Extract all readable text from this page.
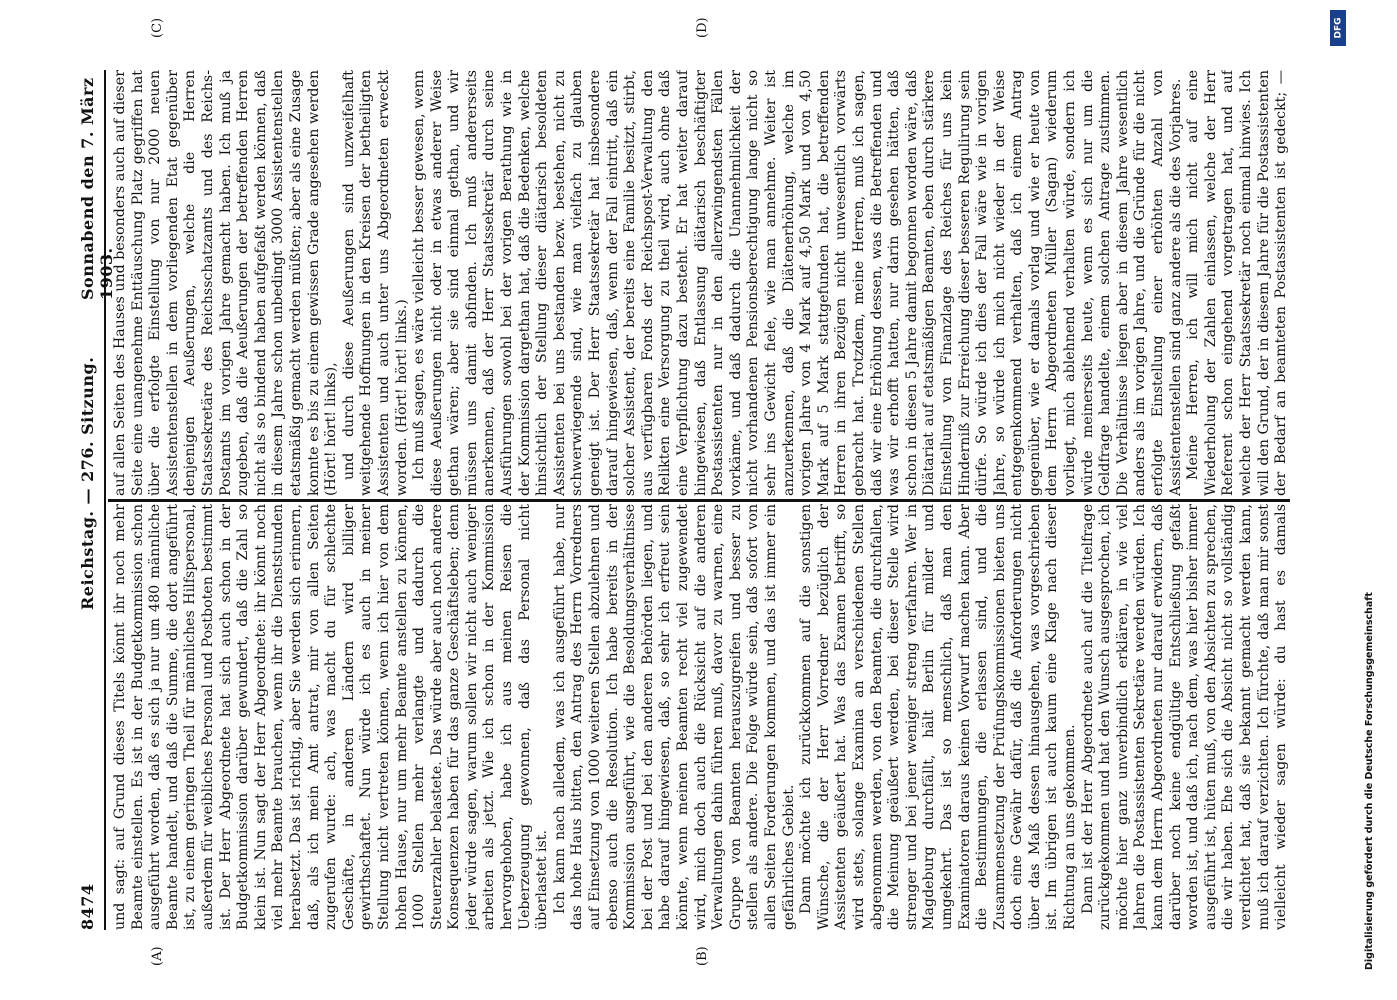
8474
Reichstag. — 276. Sitzung.
Sonnabend den 7. März 1903.
(A)	(B)
(C)	(D)

und sagt: auf Grund dieses Titels könnt ihr noch mehr Beamte einstellen. Es ist in der Budgetkommission schon ausgeführt worden, daß es sich ja nur um 480 männliche Beamte handelt, und daß die Summe, die dort angeführt ist, zu einem geringen Theil für männliches Hilfspersonal, außerdem für weibliches Personal und Postboten bestimmt ist. Der Herr Abgeordnete hat sich auch schon in der Budgetkommission darüber gewundert, daß die Zahl so klein ist. Nun sagt der Herr Abgeordnete: ihr könnt noch viel mehr Beamte brauchen, wenn ihr die Dienststunden herabsetzt. Das ist richtig, aber Sie werden sich erinnern, daß, als ich mein Amt antrat, mir von allen Seiten zugerufen wurde: ach, was macht du für schlechte Geschäfte, in anderen Ländern wird billiger gewirthschaftet. Nun würde ich es auch in meiner Stellung nicht vertreten können, wenn ich hier von dem hohen Hause, nur um mehr Beamte anstellen zu können, 1000 Stellen mehr verlangte und dadurch die Steuerzahler belastete. Das würde aber auch noch andere Konsequenzen haben für das ganze Geschäftsleben; denn jeder würde sagen, warum sollen wir nicht auch weniger arbeiten als jetzt. Wie ich schon in der Kommission hervorgehoben, habe ich aus meinen Reisen die Ueberzeugung gewonnen, daß das Personal nicht überlastet ist. Ich kann nach alledem, was ich ausgeführt habe, nur das hohe Haus bitten, den Antrag des Herrn Vorredners auf Einsetzung von 1000 weiteren Stellen abzulehnen und ebenso auch die Resolution. Ich habe bereits in der Kommission ausgeführt, wie die Besoldungsverhältnisse bei der Post und bei den anderen Behörden liegen, und habe darauf hingewiesen, daß, so sehr ich erfreut sein könnte, wenn meinen Beamten recht viel zugewendet wird, mich doch auch die Rücksicht auf die anderen Verwaltungen dahin führen muß, davor zu warnen, eine Gruppe von Beamten herauszugreifen und besser zu stellen als andere. Die Folge würde sein, daß sofort von allen Seiten Forderungen kommen, und das ist immer ein gefährliches Gebiet. Dann möchte ich zurückkommen auf die sonstigen Wünsche, die der Herr Vorredner bezüglich der Assistenten geäußert hat. Was das Examen betrifft, so wird stets, solange Examina an verschiedenen Stellen abgenommen werden, von den Beamten, die durchfallen, die Meinung geäußert werden, bei dieser Stelle wird strenger und bei jener weniger streng verfahren. Wer in Magdeburg durchfällt, hält Berlin für milder und umgekehrt. Das ist so menschlich, daß man den Examinatoren daraus keinen Vorwurf machen kann. Aber die Bestimmungen, die erlassen sind, und die Zusammensetzung der Prüfungskommissionen bieten uns doch eine Gewähr dafür, daß die Anforderungen nicht über das Maß dessen hinausgehen, was vorgeschrieben ist. Im übrigen ist auch kaum eine Klage nach dieser Richtung an uns gekommen. Dann ist der Herr Abgeordnete auch auf die Titelfrage zurückgekommen und hat den Wunsch ausgesprochen, ich möchte hier ganz unverbindlich erklären, in wie viel Jahren die Postassistenten Sekretäre werden würden. Ich kann dem Herrn Abgeordneten nur darauf erwidern, daß darüber noch keine endgültige Entschließung gefaßt worden ist, und daß ich, nach dem, was hier bisher immer ausgeführt ist, hüten muß, von den Absichten zu sprechen, die wir haben. Ehe sich die Absicht nicht so vollständig verdichtet hat, daß sie bekannt gemacht werden kann, muß ich darauf verzichten. Ich fürchte, daß man mir sonst vielleicht wieder sagen würde: du hast es damals

auf allen Seiten des Hauses und besonders auch auf dieser Seite eine unangenehme Enttäuschung Platz gegriffen hat über die erfolgte Einstellung von nur 2000 neuen Assistentenstellen in dem vorliegenden Etat gegenüber denjenigen Aeußerungen, welche die Herren Staatssekretäre des Reichsschatzamts und des Reichs-Postamts im vorigen Jahre gemacht haben. Ich muß ja zugeben, daß die Aeußerungen der betreffenden Herren nicht als so bindend haben aufgefaßt werden können, daß in diesem Jahre schon unbedingt 3000 Assistentenstellen etatsmäßig gemacht werden müßten; aber als eine Zusage konnte es bis zu einem gewissen Grade angesehen werden (Hört! hört! links), und durch diese Aeußerungen sind unzweifelhaft weitgehende Hoffnungen in den Kreisen der betheiligten Assistenten und auch unter uns Abgeordneten erweckt worden. (Hört! hört! links.) Ich muß sagen, es wäre vielleicht besser gewesen, wenn diese Aeußerungen nicht oder in etwas anderer Weise gethan wären; aber sie sind einmal gethan, und wir müssen uns damit abfinden. Ich muß andererseits anerkennen, daß der Herr Staatssekretär durch seine Ausführungen sowohl bei der vorigen Berathung wie in der Kommission dargethan hat, daß die Bedenken, welche hinsichtlich der Stellung dieser diätarisch besoldeten Assistenten bei uns bestanden bezw. bestehen, nicht zu schwerwiegende sind, wie man vielfach zu glauben geneigt ist. Der Herr Staatssekretär hat insbesondere darauf hingewiesen, daß, wenn der Fall eintritt, daß ein solcher Assistent, der bereits eine Familie besitzt, stirbt, aus verfügbaren Fonds der Reichspost-Verwaltung den Relikten eine Versorgung zu theil wird, auch ohne daß eine Verpflichtung dazu besteht. Er hat weiter darauf hingewiesen, daß Entlassung diätarisch beschäftigter Postassistenten nur in den allerzwingendsten Fällen vorkäme, und daß dadurch die Unannehmlichkeit der nicht vorhandenen Pensionsberechtigung lange nicht so sehr ins Gewicht fiele, wie man annehme. Weiter ist anzuerkennen, daß die Diätenerhöhung, welche im vorigen Jahre von 4 Mark auf 4,50 Mark und von 4,50 Mark auf 5 Mark stattgefunden hat, die betreffenden Herren in ihren Bezügen nicht unwesentlich vorwärts gebracht hat. Trotzdem, meine Herren, muß ich sagen, daß wir eine Erhöhung dessen, was die Betreffenden und was wir erhofft hatten, nur darin gesehen hätten, daß schon in diesen 5 Jahre damit begonnen worden wäre, daß Diätariat auf etatsmäßigen Beamten, eben durch stärkere Einstellung von Finanzlage des Reiches für uns kein Hinderniß zur Erreichung dieser besseren Regulirung sein dürfe. So würde ich dies der Fall wäre wie in vorigen Jahre, so würde ich mich nicht wieder in der Weise entgegenkommend verhalten, daß ich einem Antrag gegenüber, wie er damals vorlag und wie er heute von dem Herrn Abgeordneten Müller (Sagan) wiederum vorliegt, mich ablehnend verhalten würde, sondern ich würde meinerseits heute, wenn es sich nur um die Geldfrage handelte, einem solchen Antrage zustimmen. Die Verhältnisse liegen aber in diesem Jahre wesentlich anders als im vorigen Jahre, und die Gründe für die nicht erfolgte Einstellung einer erhöhten Anzahl von Assistentenstellen sind ganz andere als die des Vorjahres. Meine Herren, ich will mich nicht auf eine Wiederholung der Zahlen einlassen, welche der Herr Referent schon eingehend vorgetragen hat, und auf welche der Herr Staatssekretär noch einmal hinwies. Ich will den Grund, der in diesem Jahre für die Postassistenten der Bedarf an beamteten Postassistenten ist gedeckt; —

DFG
Digitalisierung gefördert durch die Deutsche Forschungsgemeinschaft
